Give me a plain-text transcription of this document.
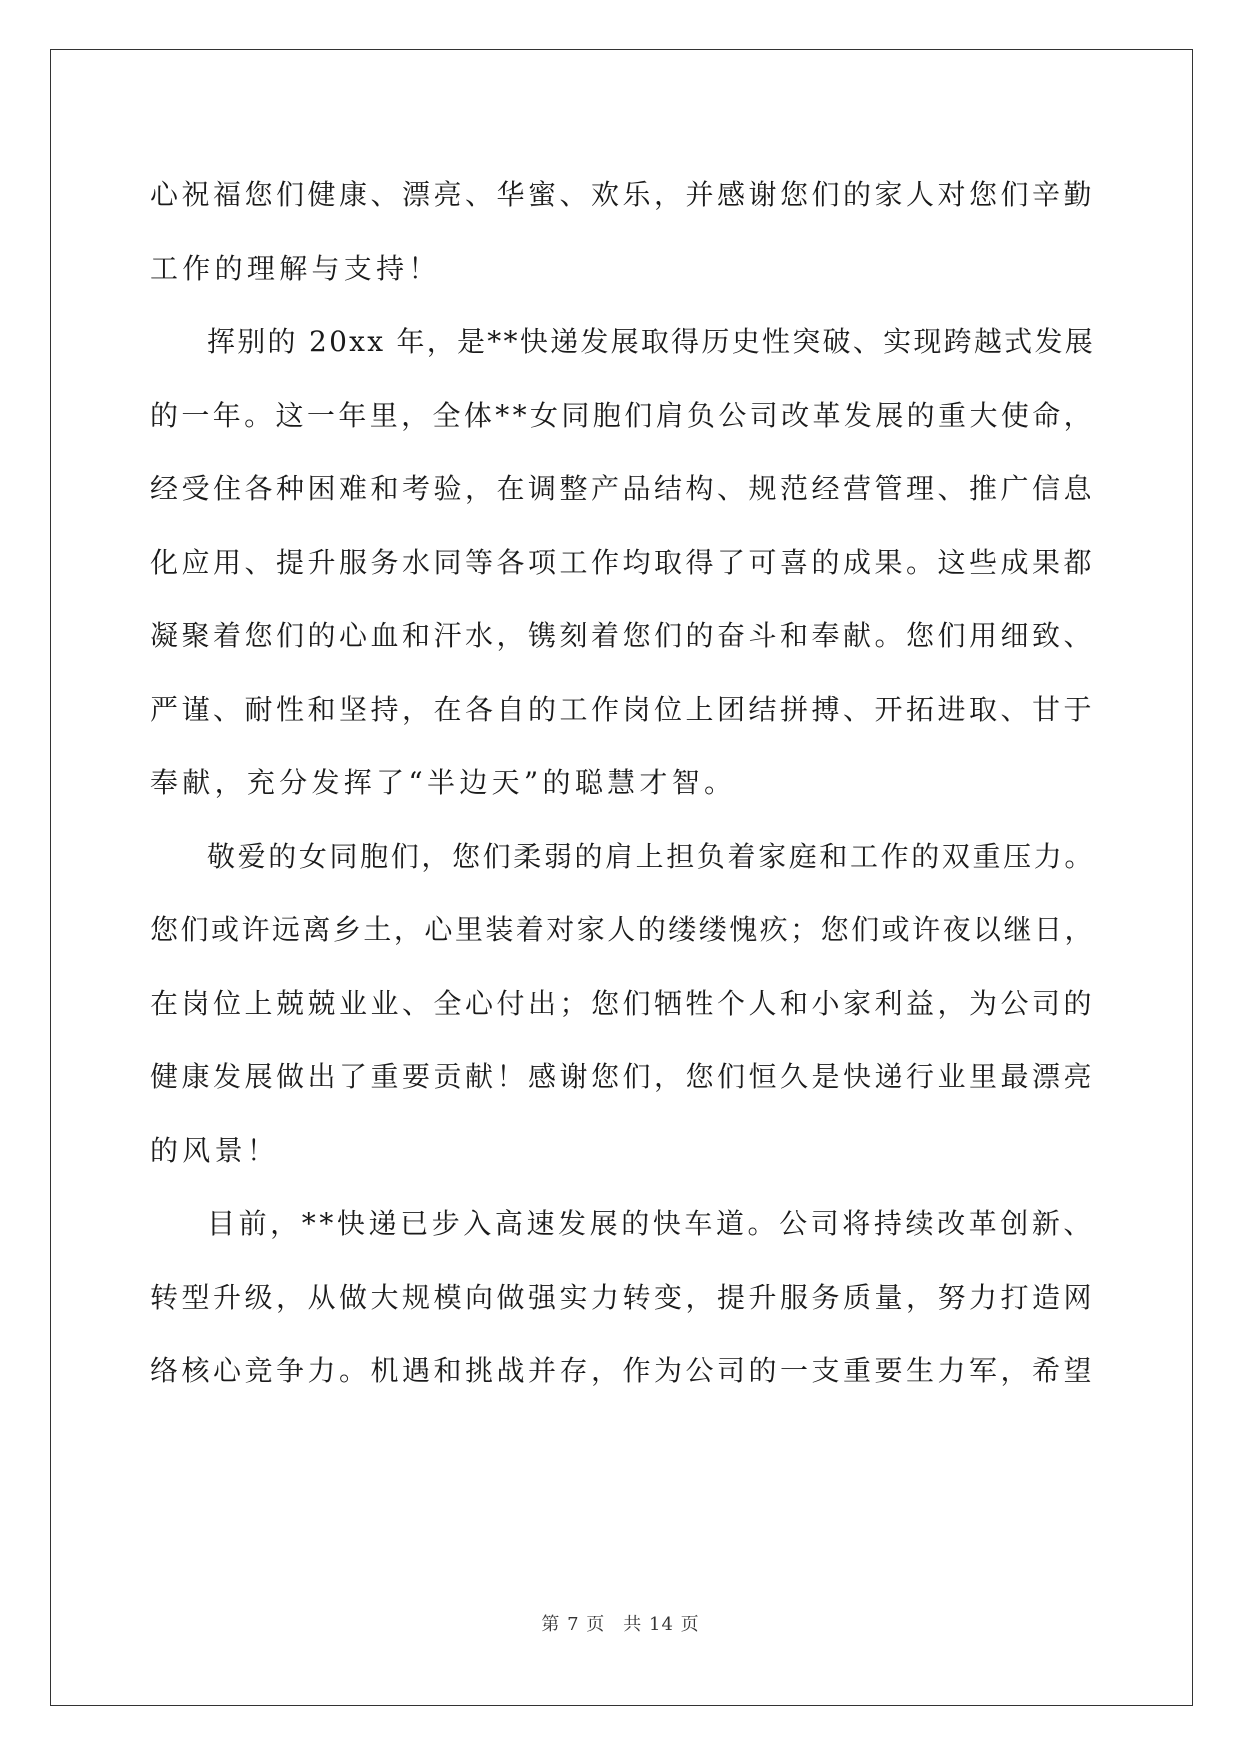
心祝福您们健康、漂亮、华蜜、欢乐，并感谢您们的家人对您们辛勤
工作的理解与支持！
挥别的 20xx 年，是**快递发展取得历史性突破、实现跨越式发展
的一年。这一年里，全体**女同胞们肩负公司改革发展的重大使命，
经受住各种困难和考验，在调整产品结构、规范经营管理、推广信息
化应用、提升服务水同等各项工作均取得了可喜的成果。这些成果都
凝聚着您们的心血和汗水，镌刻着您们的奋斗和奉献。您们用细致、
严谨、耐性和坚持，在各自的工作岗位上团结拼搏、开拓进取、甘于
奉献，充分发挥了“半边天”的聪慧才智。
敬爱的女同胞们，您们柔弱的肩上担负着家庭和工作的双重压力。
您们或许远离乡土，心里装着对家人的缕缕愧疚；您们或许夜以继日，
在岗位上兢兢业业、全心付出；您们牺牲个人和小家利益，为公司的
健康发展做出了重要贡献！感谢您们，您们恒久是快递行业里最漂亮
的风景！
目前，**快递已步入高速发展的快车道。公司将持续改革创新、
转型升级，从做大规模向做强实力转变，提升服务质量，努力打造网
络核心竞争力。机遇和挑战并存，作为公司的一支重要生力军，希望
第 7 页 共 14 页
